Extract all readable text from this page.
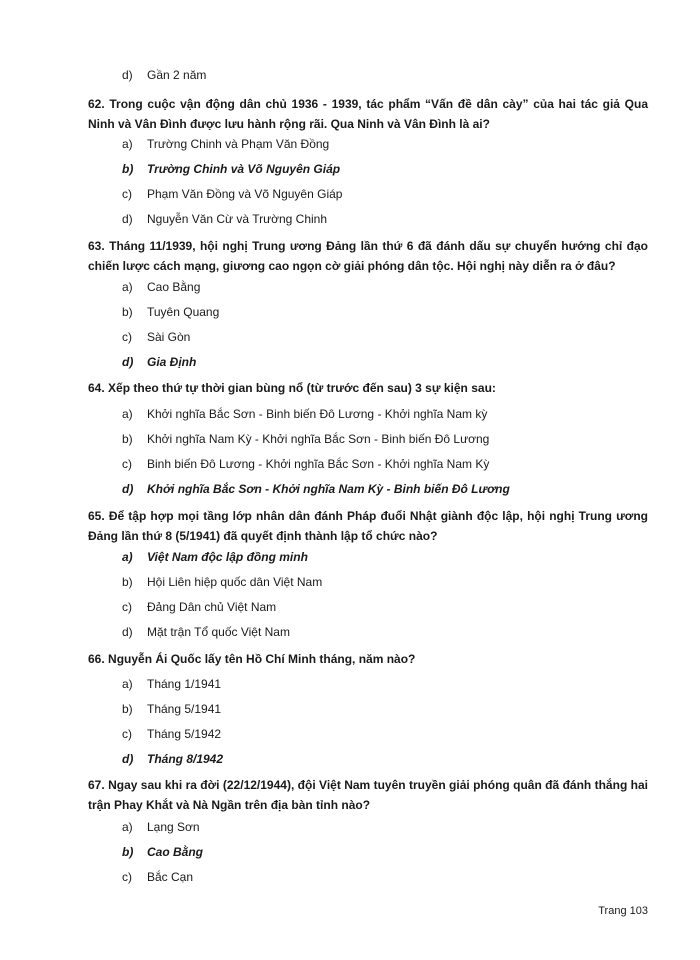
d) Gần 2 năm
62. Trong cuộc vận động dân chủ 1936 - 1939, tác phẩm “Vấn đề dân cày” của hai tác giả Qua Ninh và Vân Đình được lưu hành rộng rãi. Qua Ninh và Vân Đình là ai?
a) Trường Chinh và Phạm Văn Đồng
b) Trường Chinh và Võ Nguyên Giáp
c) Phạm Văn Đồng và Võ Nguyên Giáp
d) Nguyễn Văn Cừ và Trường Chinh
63. Tháng 11/1939, hội nghị Trung ương Đảng lần thứ 6 đã đánh dấu sự chuyển hướng chỉ đạo chiến lược cách mạng, giương cao ngọn cờ giải phóng dân tộc. Hội nghị này diễn ra ở đâu?
a) Cao Bằng
b) Tuyên Quang
c) Sài Gòn
d) Gia Định
64. Xếp theo thứ tự thời gian bùng nổ (từ trước đến sau) 3 sự kiện sau:
a) Khởi nghĩa Bắc Sơn - Binh biến Đô Lương - Khởi nghĩa Nam kỳ
b) Khởi nghĩa Nam Kỳ - Khởi nghĩa Bắc Sơn - Binh biến Đô Lương
c) Binh biến Đô Lương - Khởi nghĩa Bắc Sơn - Khởi nghĩa Nam Kỳ
d) Khởi nghĩa Bắc Sơn - Khởi nghĩa Nam Kỳ - Binh biến Đô Lương
65. Để tập hợp mọi tầng lớp nhân dân đánh Pháp đuổi Nhật giành độc lập, hội nghị Trung ương Đảng lần thứ 8 (5/1941) đã quyết định thành lập tổ chức nào?
a) Việt Nam độc lập đồng minh
b) Hội Liên hiệp quốc dân Việt Nam
c) Đảng Dân chủ Việt Nam
d) Mặt trận Tổ quốc Việt Nam
66. Nguyễn Ái Quốc lấy tên Hồ Chí Minh tháng, năm nào?
a) Tháng 1/1941
b) Tháng 5/1941
c) Tháng 5/1942
d) Tháng 8/1942
67. Ngay sau khi ra đời (22/12/1944), đội Việt Nam tuyên truyền giải phóng quân đã đánh thắng hai trận Phay Khắt và Nà Ngần trên địa bàn tỉnh nào?
a) Lạng Sơn
b) Cao Bằng
c) Bắc Cạn
Trang 103
